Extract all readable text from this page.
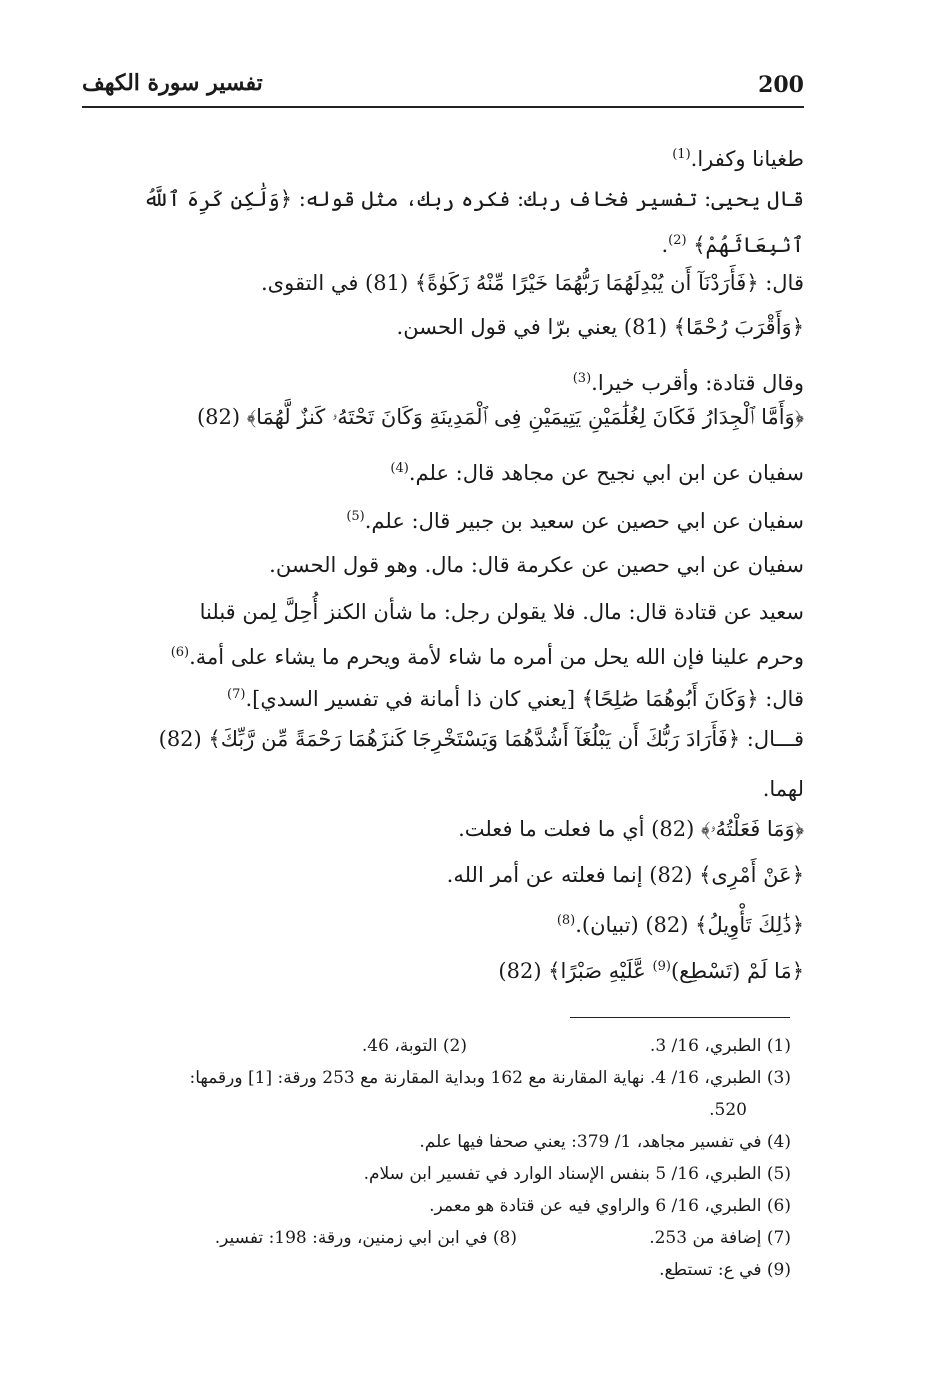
تفسير سورة الكهف	200
طغيانا وكفرا.$^{(1)}$
قال يحيى: تفسير فخاف ربك: فكره ربك، مثل قوله: ﴿وَلَٰكِن كَرِهَ ٱللَّهُ
ٱنۢبِعَاثَهُمْ﴾ $^{(2)}$.
قال: ﴿فَأَرَدْنَآ أَن يُبْدِلَهُمَا رَبُّهُمَا خَيْرًا مِّنْهُ زَكَوٰةً﴾ (81) في التقوى.
﴿وَأَقْرَبَ رُحْمًا﴾ (81) يعني برّا في قول الحسن.
وقال قتادة: وأقرب خيرا.$^{(3)}$
﴿وَأَمَّا ٱلْجِدَارُ فَكَانَ لِغُلَٰمَيْنِ يَتِيمَيْنِ فِى ٱلْمَدِينَةِ وَكَانَ تَحْتَهُۥ كَنزٌ لَّهُمَا﴾ (82)
سفيان عن ابن ابي نجيح عن مجاهد قال: علم.$^{(4)}$
سفيان عن ابي حصين عن سعيد بن جبير قال: علم.$^{(5)}$
سفيان عن ابي حصين عن عكرمة قال: مال. وهو قول الحسن.
سعيد عن قتادة قال: مال. فلا يقولن رجل: ما شأن الكنز أُحِلَّ لِمن قبلنا
وحرم علينا فإن الله يحل من أمره ما شاء لأمة ويحرم ما يشاء على أمة.$^{(6)}$
قال: ﴿وَكَانَ أَبُوهُمَا صَٰلِحًا﴾ [يعني كان ذا أمانة في تفسير السدي].$^{(7)}$
قـــال: ﴿فَأَرَادَ رَبُّكَ أَن يَبْلُغَآ أَشُدَّهُمَا وَيَسْتَخْرِجَا كَنزَهُمَا رَحْمَةً مِّن رَّبِّكَ﴾ (82)
لهما.
﴿وَمَا فَعَلْتُهُۥ﴾ (82) أي ما فعلت ما فعلت.
﴿عَنْ أَمْرِى﴾ (82) إنما فعلته عن أمر الله.
﴿ذَٰلِكَ تَأْوِيلُ﴾ (82) (تبيان).$^{(8)}$
﴿مَا لَمْ (تَسْطِع)$^{(9)}$ عَّلَيْهِ صَبْرًا﴾ (82)
(1) الطبري، 16/ 3.
(2) التوبة، 46.
(3) الطبري، 16/ 4. نهاية المقارنة مع 162 وبداية المقارنة مع 253 ورقة: [1] ورقمها:
520.
(4) في تفسير مجاهد، 1/ 379: يعني صحفا فيها علم.
(5) الطبري، 16/ 5 بنفس الإسناد الوارد في تفسير ابن سلام.
(6) الطبري، 16/ 6 والراوي فيه عن قتادة هو معمر.
(7) إضافة من 253.
(8) في ابن ابي زمنين، ورقة: 198: تفسير.
(9) في ع: تستطع.
